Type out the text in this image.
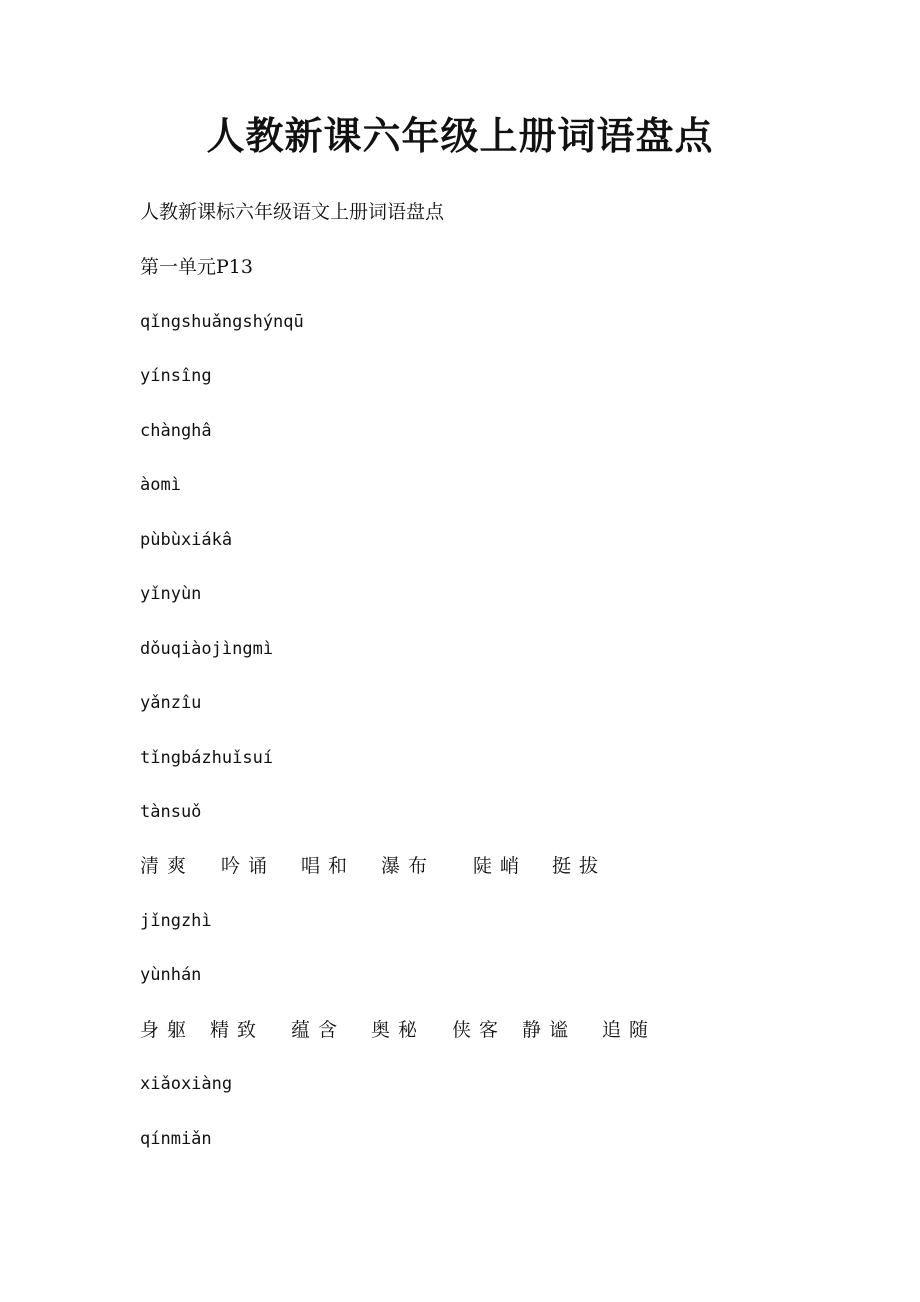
人教新课六年级上册词语盘点

人教新课标六年级语文上册词语盘点

第一单元P13

qǐngshuǎngshýnqū

yínsîng

chànghâ

àomì

pùbùxiákâ

yǐnyùn

dǒuqiàojìngmì

yǎnzîu

tǐngbázhuǐsuí

tànsuǒ

清爽	吟诵	唱和	瀑布	陡峭	挺拔

jǐngzhì

yùnhán

身躯 精致	蕴含	奥秘	侠客 静谧	追随

xiǎoxiàng

qínmiǎn
